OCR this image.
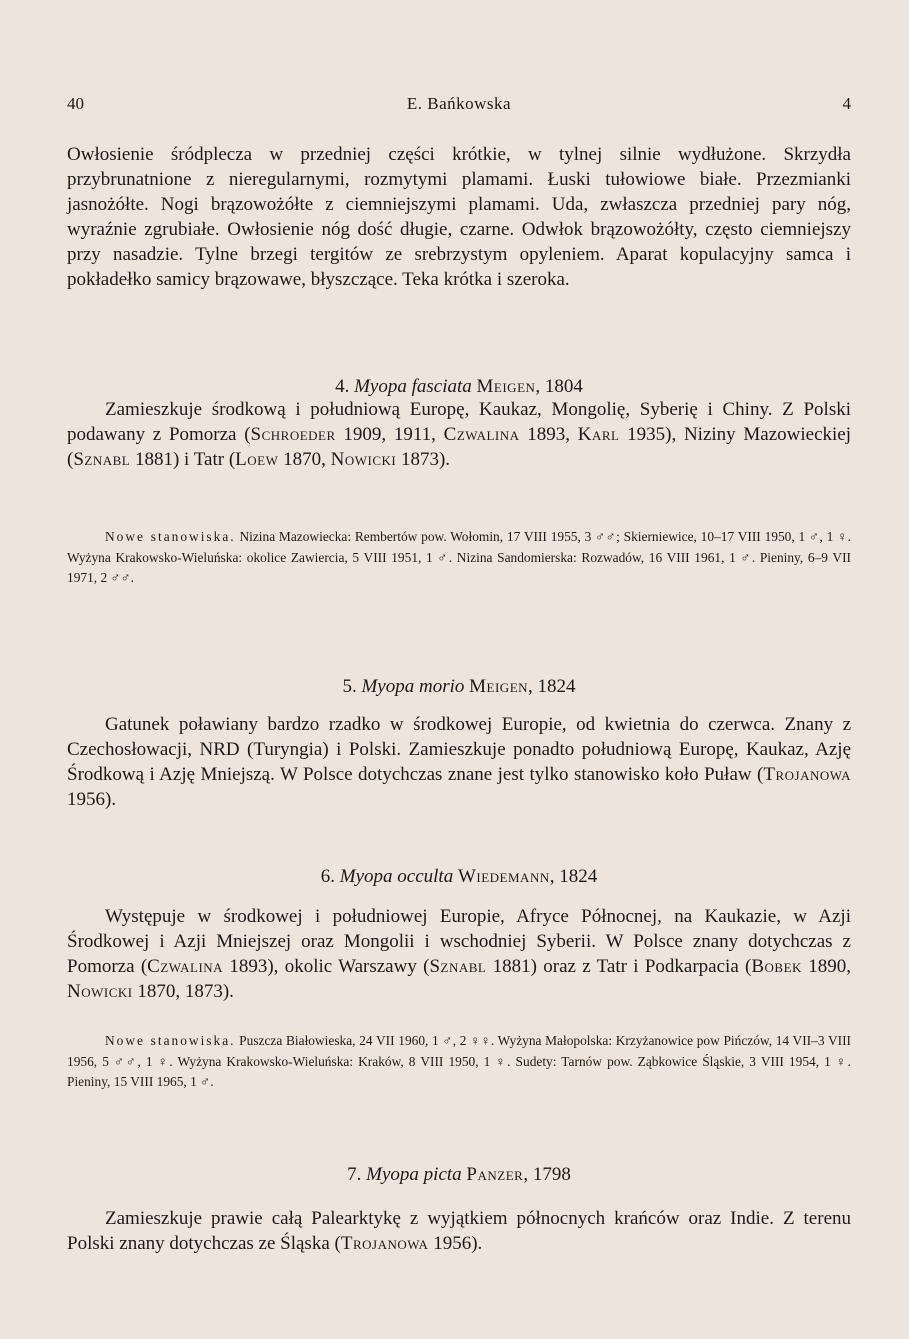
40	E. Bańkowska	4

Owłosienie śródplecza w przedniej części krótkie, w tylnej silnie wydłużone. Skrzydła przybrunatnione z nieregularnymi, rozmytymi plamami. Łuski tułowiowe białe. Przezmianki jasnożółte. Nogi brązowożółte z ciemniejszymi plamami. Uda, zwłaszcza przedniej pary nóg, wyraźnie zgrubiałe. Owłosienie nóg dość długie, czarne. Odwłok brązowożółty, często ciemniejszy przy nasadzie. Tylne brzegi tergitów ze srebrzystym opyleniem. Aparat kopulacyjny samca i pokładełko samicy brązowawe, błyszczące. Teka krótka i szeroka.

4. Myopa fasciata Meigen, 1804

Zamieszkuje środkową i południową Europę, Kaukaz, Mongolię, Syberię i Chiny. Z Polski podawany z Pomorza (Schroeder 1909, 1911, Czwalina 1893, Karl 1935), Niziny Mazowieckiej (Sznabl 1881) i Tatr (Loew 1870, Nowicki 1873).

Nowe stanowiska. Nizina Mazowiecka: Rembertów pow. Wołomin, 17 VIII 1955, 3 ♂♂; Skierniewice, 10–17 VIII 1950, 1 ♂, 1 ♀. Wyżyna Krakowsko-Wieluńska: okolice Zawiercia, 5 VIII 1951, 1 ♂. Nizina Sandomierska: Rozwadów, 16 VIII 1961, 1 ♂. Pieniny, 6–9 VII 1971, 2 ♂♂.

5. Myopa morio Meigen, 1824

Gatunek poławiany bardzo rzadko w środkowej Europie, od kwietnia do czerwca. Znany z Czechosłowacji, NRD (Turyngia) i Polski. Zamieszkuje ponadto południową Europę, Kaukaz, Azję Środkową i Azję Mniejszą. W Polsce dotychczas znane jest tylko stanowisko koło Puław (Trojanowa 1956).

6. Myopa occulta Wiedemann, 1824

Występuje w środkowej i południowej Europie, Afryce Północnej, na Kaukazie, w Azji Środkowej i Azji Mniejszej oraz Mongolii i wschodniej Syberii. W Polsce znany dotychczas z Pomorza (Czwalina 1893), okolic Warszawy (Sznabl 1881) oraz z Tatr i Podkarpacia (Bobek 1890, Nowicki 1870, 1873).

Nowe stanowiska. Puszcza Białowieska, 24 VII 1960, 1 ♂, 2 ♀♀. Wyżyna Małopolska: Krzyżanowice pow Pińczów, 14 VII–3 VIII 1956, 5 ♂♂, 1 ♀. Wyżyna Krakowsko-Wieluńska: Kraków, 8 VIII 1950, 1 ♀. Sudety: Tarnów pow. Ząbkowice Śląskie, 3 VIII 1954, 1 ♀. Pieniny, 15 VIII 1965, 1 ♂.

7. Myopa picta Panzer, 1798

Zamieszkuje prawie całą Palearktykę z wyjątkiem północnych krańców oraz Indie. Z terenu Polski znany dotychczas ze Śląska (Trojanowa 1956).
